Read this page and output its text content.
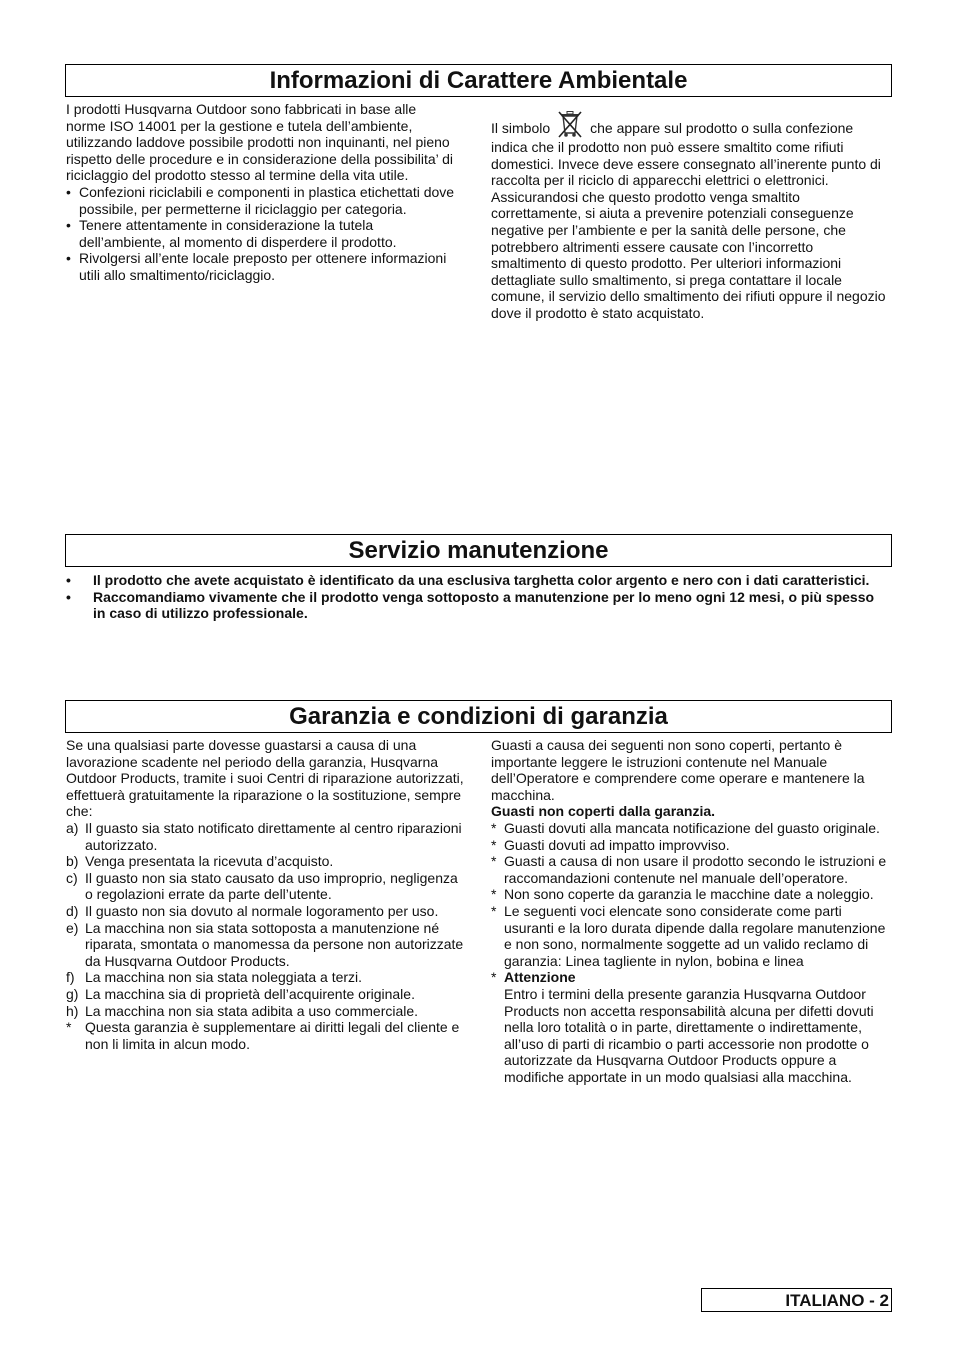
Informazioni di Carattere Ambientale

I prodotti Husqvarna Outdoor sono fabbricati in base alle norme ISO 14001 per la gestione e tutela dell’ambiente, utilizzando laddove possibile prodotti non inquinanti, nel pieno rispetto delle procedure e in considerazione della possibilita’ di riciclaggio del prodotto stesso al termine della vita utile.

• Confezioni riciclabili e componenti in plastica etichettati dove possibile, per permetterne il riciclaggio per categoria.
• Tenere attentamente in considerazione la tutela dell’ambiente, al momento di disperdere il prodotto.
• Rivolgersi all’ente locale preposto per ottenere informazioni utili allo smaltimento/riciclaggio.

Il simbolo	che appare sul prodotto o sulla confezione indica che il prodotto non può essere smaltito come rifiuti domestici. Invece deve essere consegnato all’inerente punto di raccolta per il riciclo di apparecchi elettrici o elettronici. Assicurandosi che questo prodotto venga smaltito correttamente, si aiuta a prevenire potenziali conseguenze negative per l’ambiente e per la sanità delle persone, che potrebbero altrimenti essere causate con l’incorretto smaltimento di questo prodotto. Per ulteriori informazioni dettagliate sullo smaltimento, si prega contattare il locale comune, il servizio dello smaltimento dei rifiuti oppure il negozio dove il prodotto è stato acquistato.

Servizio manutenzione
•	Il prodotto che avete acquistato è identificato da una esclusiva targhetta color argento e nero con i dati caratteristici.
•	Raccomandiamo vivamente che il prodotto venga sottoposto a manutenzione per lo meno ogni 12 mesi, o più spesso in caso di utilizzo professionale.
Garanzia e condizioni di garanzia

Se una qualsiasi parte dovesse guastarsi a causa di una lavorazione scadente nel periodo della garanzia, Husqvarna Outdoor Products, tramite i suoi Centri di riparazione autorizzati, effettuerà gratuitamente la riparazione o la sostituzione, sempre che:

a) Il guasto sia stato notificato direttamente al centro riparazioni autorizzato.
b) Venga presentata la ricevuta d’acquisto.
c) Il guasto non sia stato causato da uso improprio, negligenza o regolazioni errate da parte dell’utente.
d) Il guasto non sia dovuto al normale logoramento per uso.
e) La macchina non sia stata sottoposta a manutenzione né riparata, smontata o manomessa da persone non autorizzate da Husqvarna Outdoor Products.
f) La macchina non sia stata noleggiata a terzi.
g) La macchina sia di proprietà dell’acquirente originale.
h) La macchina non sia stata adibita a uso commerciale.
* Questa garanzia è supplementare ai diritti legali del cliente e non li limita in alcun modo.

Guasti a causa dei seguenti non sono coperti, pertanto è importante leggere le istruzioni contenute nel Manuale dell’Operatore e comprendere come operare e mantenere la macchina.

Guasti non coperti dalla garanzia.

* Guasti dovuti alla mancata notificazione del guasto originale.
* Guasti dovuti ad impatto improvviso.
* Guasti a causa di non usare il prodotto secondo le istruzioni e raccomandazioni contenute nel manuale dell’operatore.
* Non sono coperte da garanzia le macchine date a noleggio.
* Le seguenti voci elencate sono considerate come parti usuranti e la loro durata dipende dalla regolare manutenzione e non sono, normalmente soggette ad un valido reclamo di garanzia: Linea tagliente in nylon, bobina e linea
* Attenzione
Entro i termini della presente garanzia Husqvarna Outdoor Products non accetta responsabilità alcuna per difetti dovuti nella loro totalità o in parte, direttamente o indirettamente, all’uso di parti di ricambio o parti accessorie non prodotte o autorizzate da Husqvarna Outdoor Products oppure a modifiche apportate in un modo qualsiasi alla macchina.
ITALIANO - 2
